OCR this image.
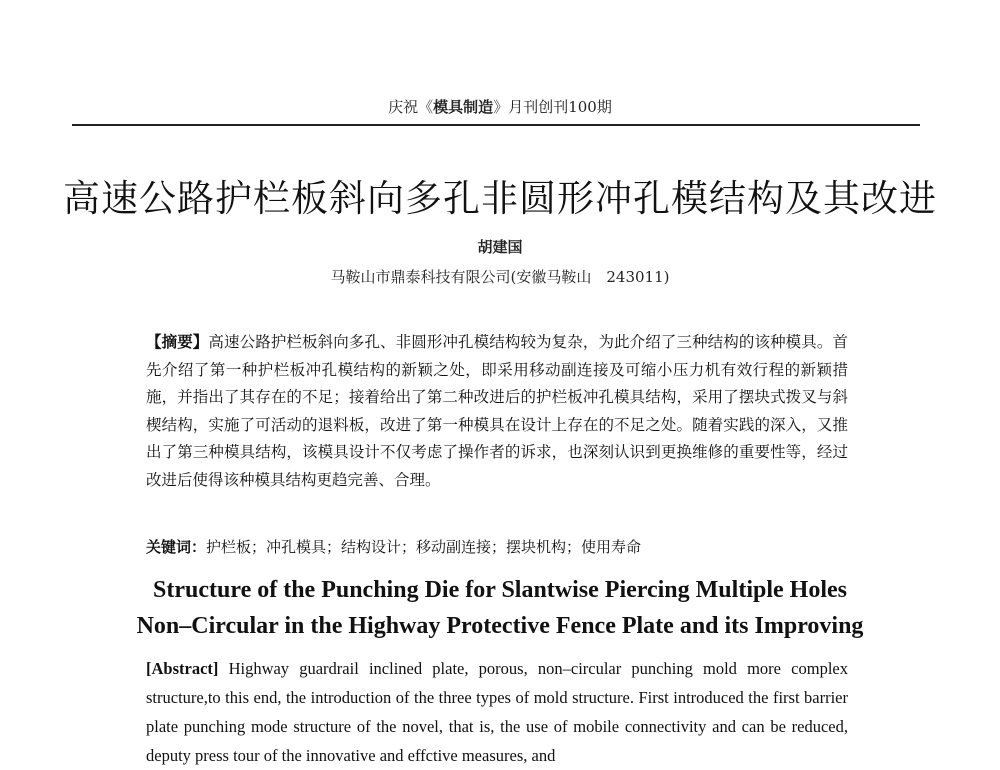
庆祝《模具制造》月刊创刊100期
高速公路护栏板斜向多孔非圆形冲孔模结构及其改进
胡建国
马鞍山市鼎泰科技有限公司(安徽马鞍山　243011)
【摘要】高速公路护栏板斜向多孔、非圆形冲孔模结构较为复杂，为此介绍了三种结构的该种模具。首先介绍了第一种护栏板冲孔模结构的新颖之处，即采用移动副连接及可缩小压力机有效行程的新颖措施，并指出了其存在的不足；接着给出了第二种改进后的护栏板冲孔模具结构，采用了摆块式拨叉与斜楔结构，实施了可活动的退料板，改进了第一种模具在设计上存在的不足之处。随着实践的深入，又推出了第三种模具结构，该模具设计不仅考虑了操作者的诉求，也深刻认识到更换维修的重要性等，经过改进后使得该种模具结构更趋完善、合理。
关键词：护栏板；冲孔模具；结构设计；移动副连接；摆块机构；使用寿命
Structure of the Punching Die for Slantwise Piercing Multiple Holes
Non–Circular in the Highway Protective Fence Plate and its Improving
[Abstract] Highway guardrail inclined plate, porous, non–circular punching mold more complex structure,to this end, the introduction of the three types of mold structure. First introduced the first barrier plate punching mode structure of the novel, that is, the use of mobile connectivity and can be reduced, deputy press tour of the innovative and effctive measures, and
